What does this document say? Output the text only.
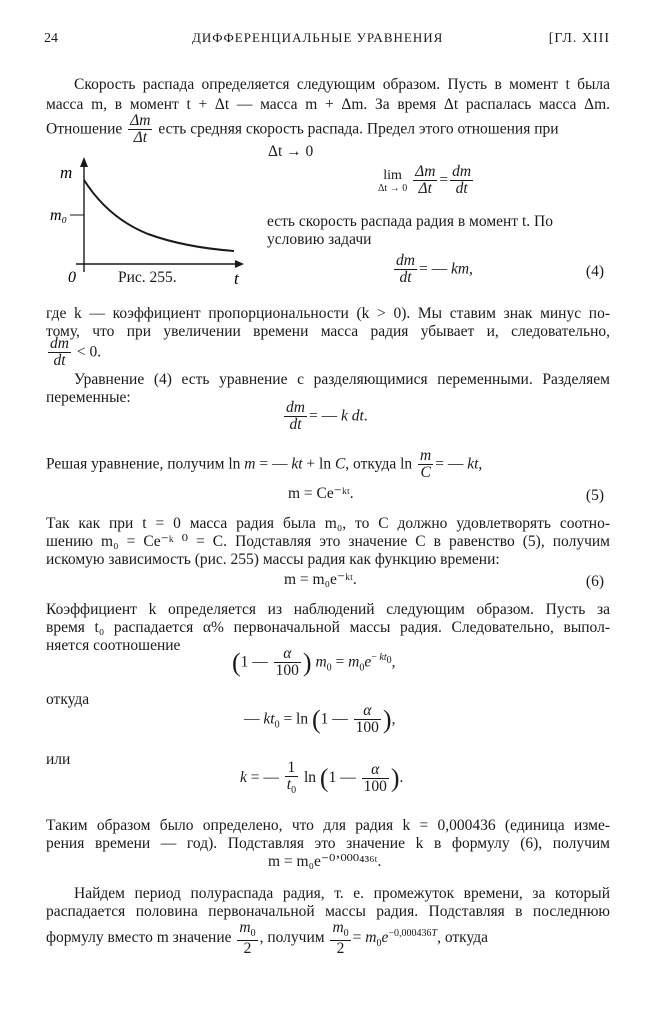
24	ДИФФЕРЕНЦИАЛЬНЫЕ УРАВНЕНИЯ	[ГЛ. XIII

Скорость распада определяется следующим образом. Пусть в момент t была

масса m, в момент t + Δt — масса m + Δm. За время Δt распалась масса Δm.

Отношение $\frac{\Delta m}{\Delta t}$ есть средняя скорость распада. Предел этого отношения при
Δt → 0
m
m₀
0	t
Рис. 255.
lim
Δt → 0
$\frac{\Delta m}{\Delta t} = \frac{dm}{dt}$

есть скорость распада радия в момент t. По

условию задачи

$\frac{dm}{dt}$ = — km,	(4)

где k — коэффициент пропорциональности (k > 0). Мы ставим знак минус по-

тому, что при увеличении времени масса радия убывает и, следовательно,

$\frac{dm}{dt} < 0$.

Уравнение (4) есть уравнение с разделяющимися переменными. Разделяем

переменные:

$\frac{dm}{dt}$ = — k dt.
Решая уравнение, получим ln m = — kt + ln C, откуда $\ln \frac{m}{C}$ = — kt,
m = Ce⁻ᵏᵗ.	(5)

Так как при t = 0 масса радия была m₀, то C должно удовлетворять соотно-

шению m₀ = Ce⁻ᵏ ⁰ = C. Подставляя это значение C в равенство (5), получим

искомую зависимость (рис. 255) массы радия как функцию времени:

m = m₀e⁻ᵏᵗ.	(6)

Коэффициент k определяется из наблюдений следующим образом. Пусть за

время t₀ распадается α% первоначальной массы радия. Следовательно, выпол-

няется соотношение

(1 — $\frac{\alpha}{100}$ ) $m_0 = m_0e^{- kt_0}$,

откуда

— $kt_0 = \ln (1$ — $\frac{\alpha}{100}$ ),

или

k = — $\frac{1}{t_0}$ ln (1 — $\frac{\alpha}{100}$ ).

Таким образом было определено, что для радия k = 0,000436 (единица изме-

рения времени — год). Подставляя это значение k в формулу (6), получим

m = m₀e⁻⁰ʼ⁰⁰⁰⁴³⁶ᵗ.

Найдем период полураспада радия, т. е. промежуток времени, за который

распадается половина первоначальной массы радия. Подставляя в последнюю

формулу вместо m значение $\frac{m_0}{2}$ , получим $\frac{m_0}{2} = m_0e^{-0,000436T}$, откуда
